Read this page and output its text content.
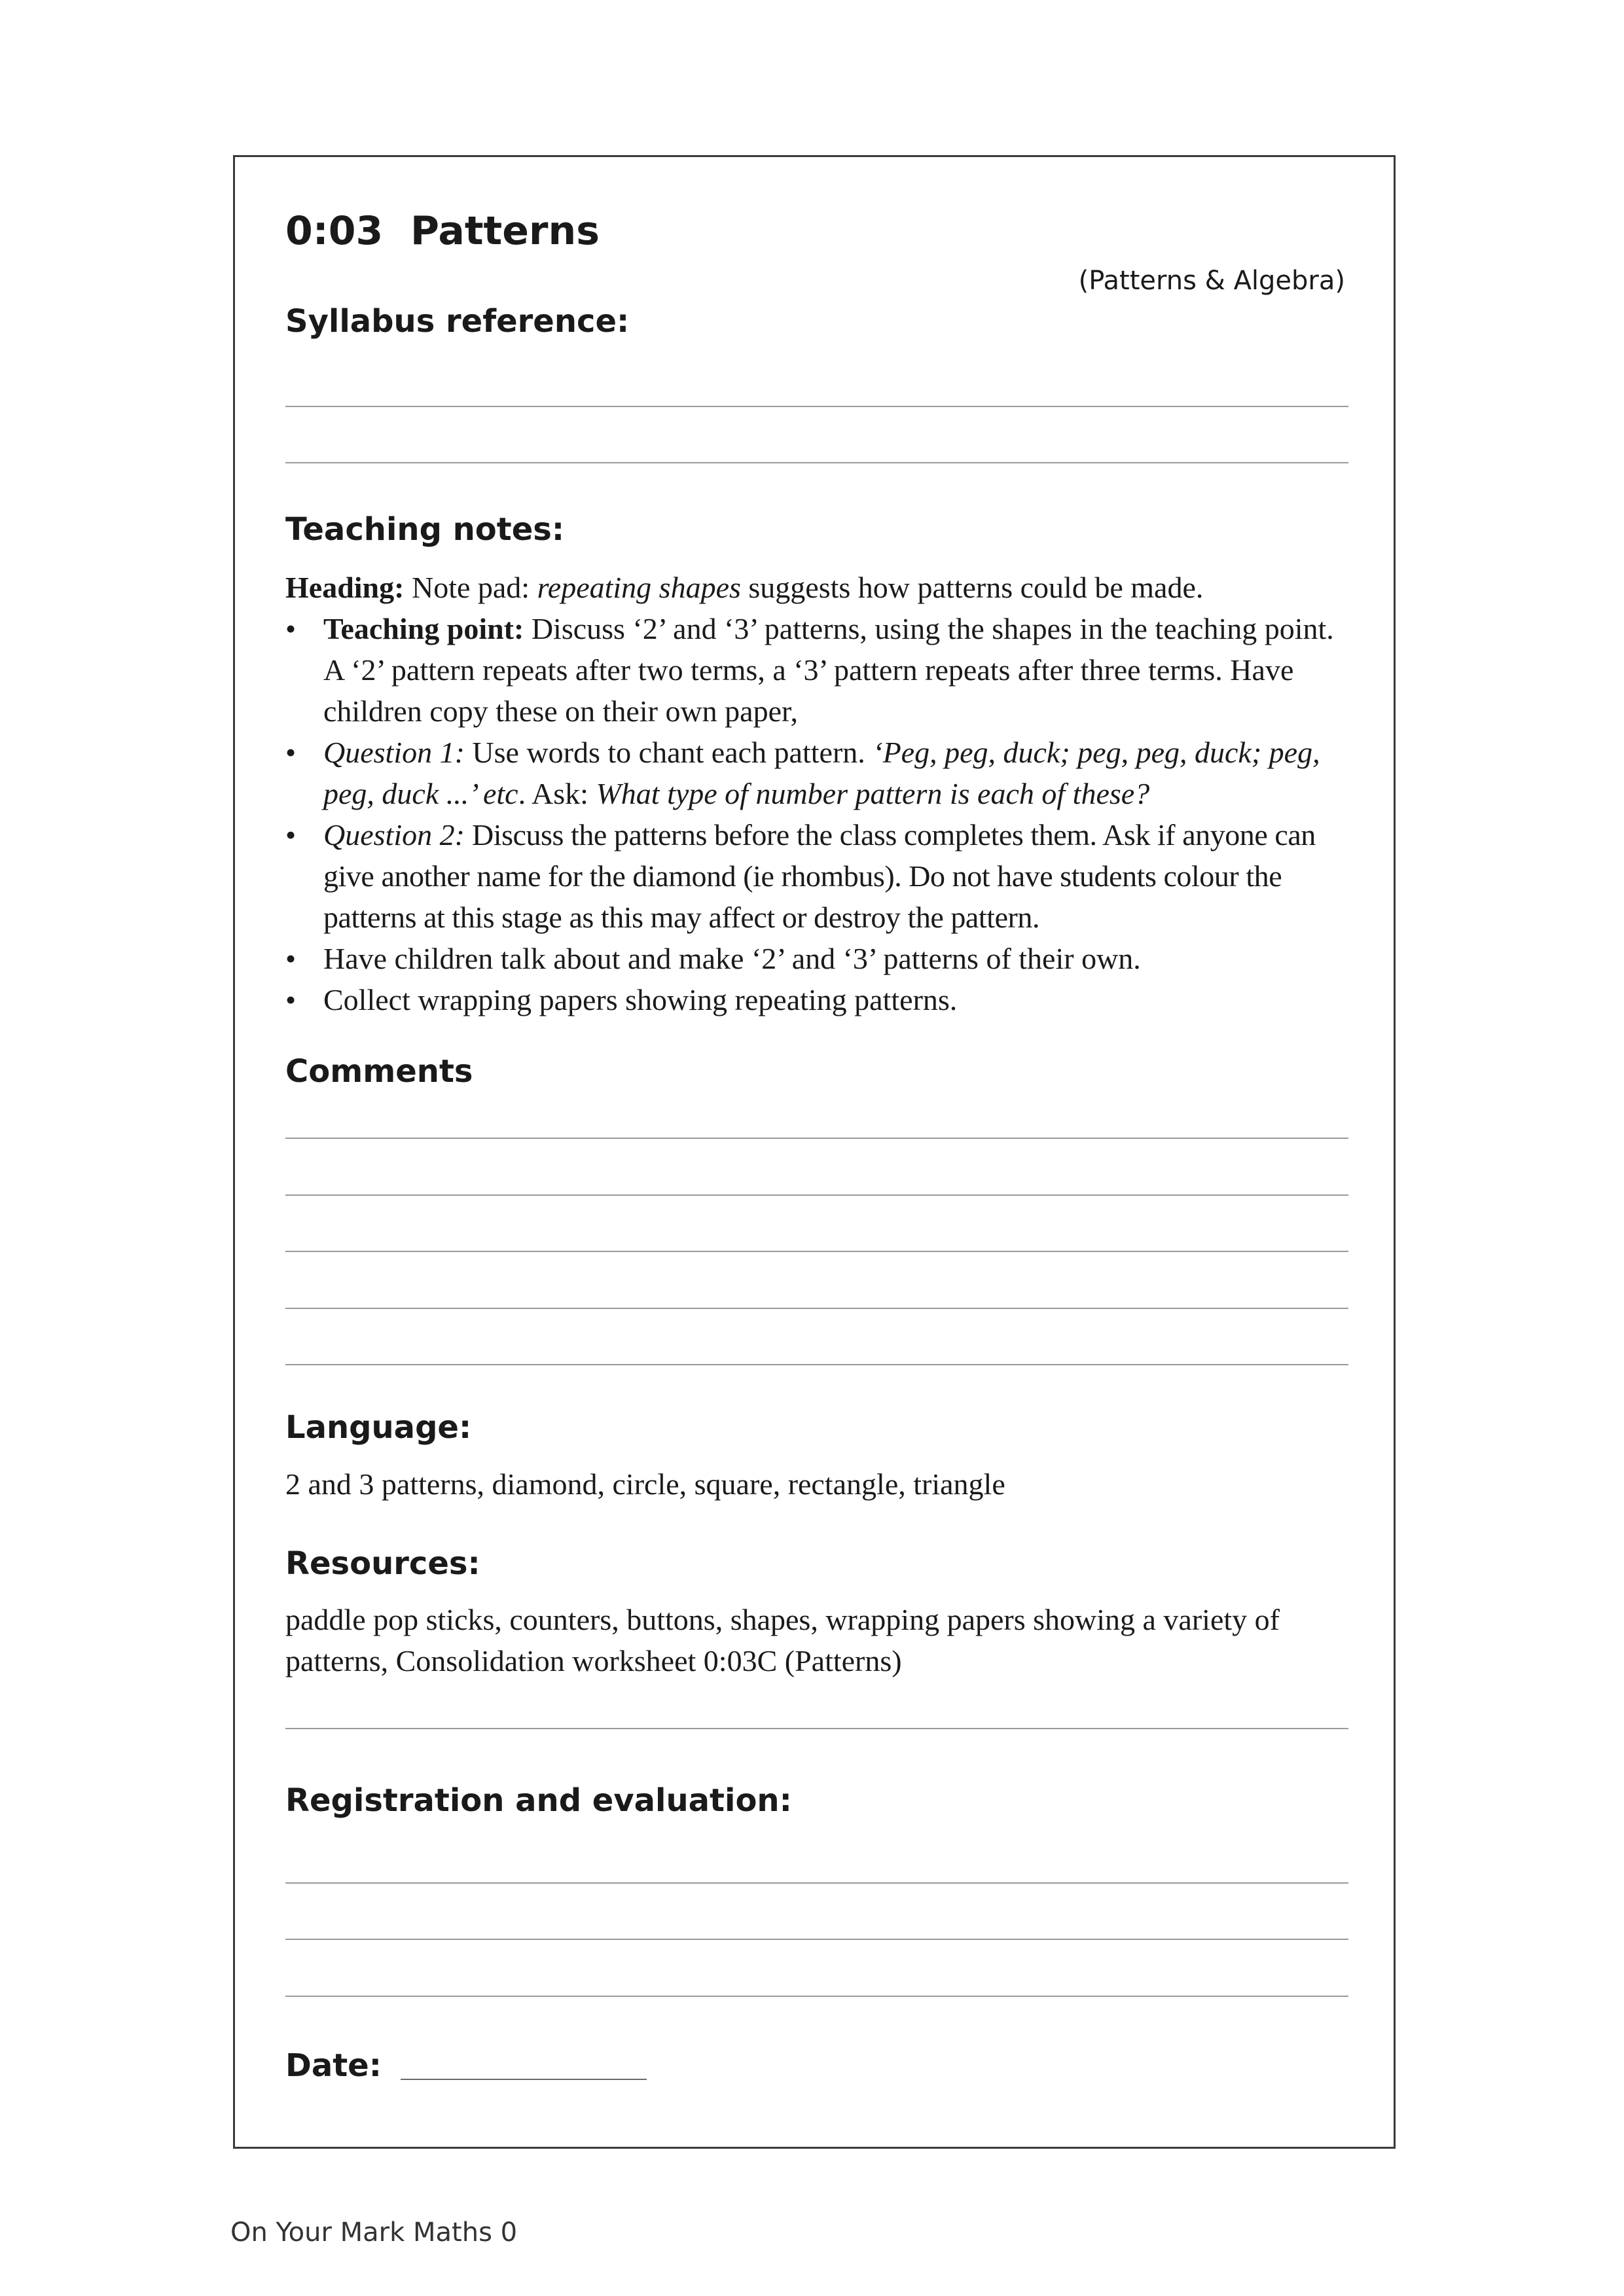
0:03  Patterns
(Patterns & Algebra)
Syllabus reference:
Teaching notes:

Heading: Note pad: repeating shapes suggests how patterns could be made.

• Teaching point: Discuss ‘2’ and ‘3’ patterns, using the shapes in the teaching point. A ‘2’ pattern repeats after two terms, a ‘3’ pattern repeats after three terms. Have children copy these on their own paper,
• Question 1: Use words to chant each pattern. ‘Peg, peg, duck; peg, peg, duck; peg, peg, duck ...’ etc. Ask: What type of number pattern is each of these?
• Question 2: Discuss the patterns before the class completes them. Ask if anyone can give another name for the diamond (ie rhombus). Do not have students colour the patterns at this stage as this may affect or destroy the pattern.
• Have children talk about and make ‘2’ and ‘3’ patterns of their own.
• Collect wrapping papers showing repeating patterns.
Comments
Language:
2 and 3 patterns, diamond, circle, square, rectangle, triangle
Resources:
paddle pop sticks, counters, buttons, shapes, wrapping papers showing a variety of patterns, Consolidation worksheet 0:03C (Patterns)
Registration and evaluation:
Date:
On Your Mark Maths 0
